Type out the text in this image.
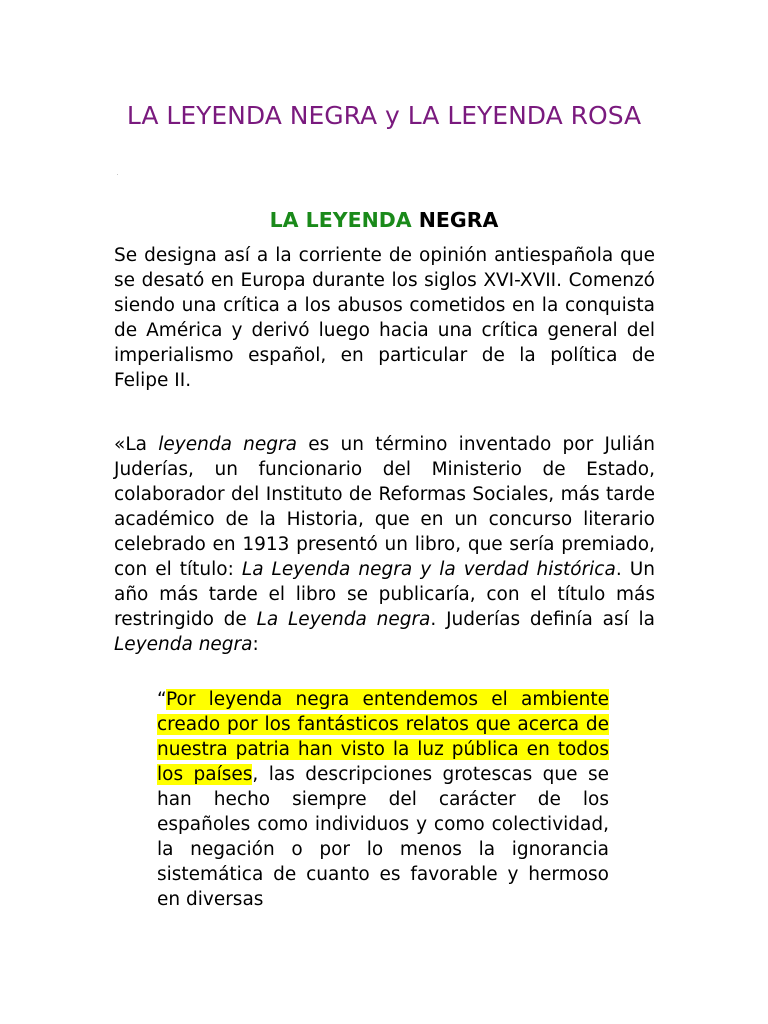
LA LEYENDA NEGRA y LA LEYENDA ROSA
LA LEYENDA NEGRA

Se designa así a la corriente de opinión antiespañola que se desató en Europa durante los siglos XVI-XVII. Comenzó siendo una crítica a los abusos cometidos en la conquista de América y derivó luego hacia una crítica general del imperialismo español, en particular de la política de Felipe II.

«La leyenda negra es un término inventado por Julián Juderías, un funcionario del Ministerio de Estado, colaborador del Instituto de Reformas Sociales, más tarde académico de la Historia, que en un concurso literario celebrado en 1913 presentó un libro, que sería premiado, con el título: La Leyenda negra y la verdad histórica. Un año más tarde el libro se publicaría, con el título más restringido de La Leyenda negra. Juderías definía así la Leyenda negra:

“Por leyenda negra entendemos el ambiente creado por los fantásticos relatos que acerca de nuestra patria han visto la luz pública en todos los países, las descripciones grotescas que se han hecho siempre del carácter de los españoles como individuos y como colectividad, la negación o por lo menos la ignorancia sistemática de cuanto es favorable y hermoso en diversas
